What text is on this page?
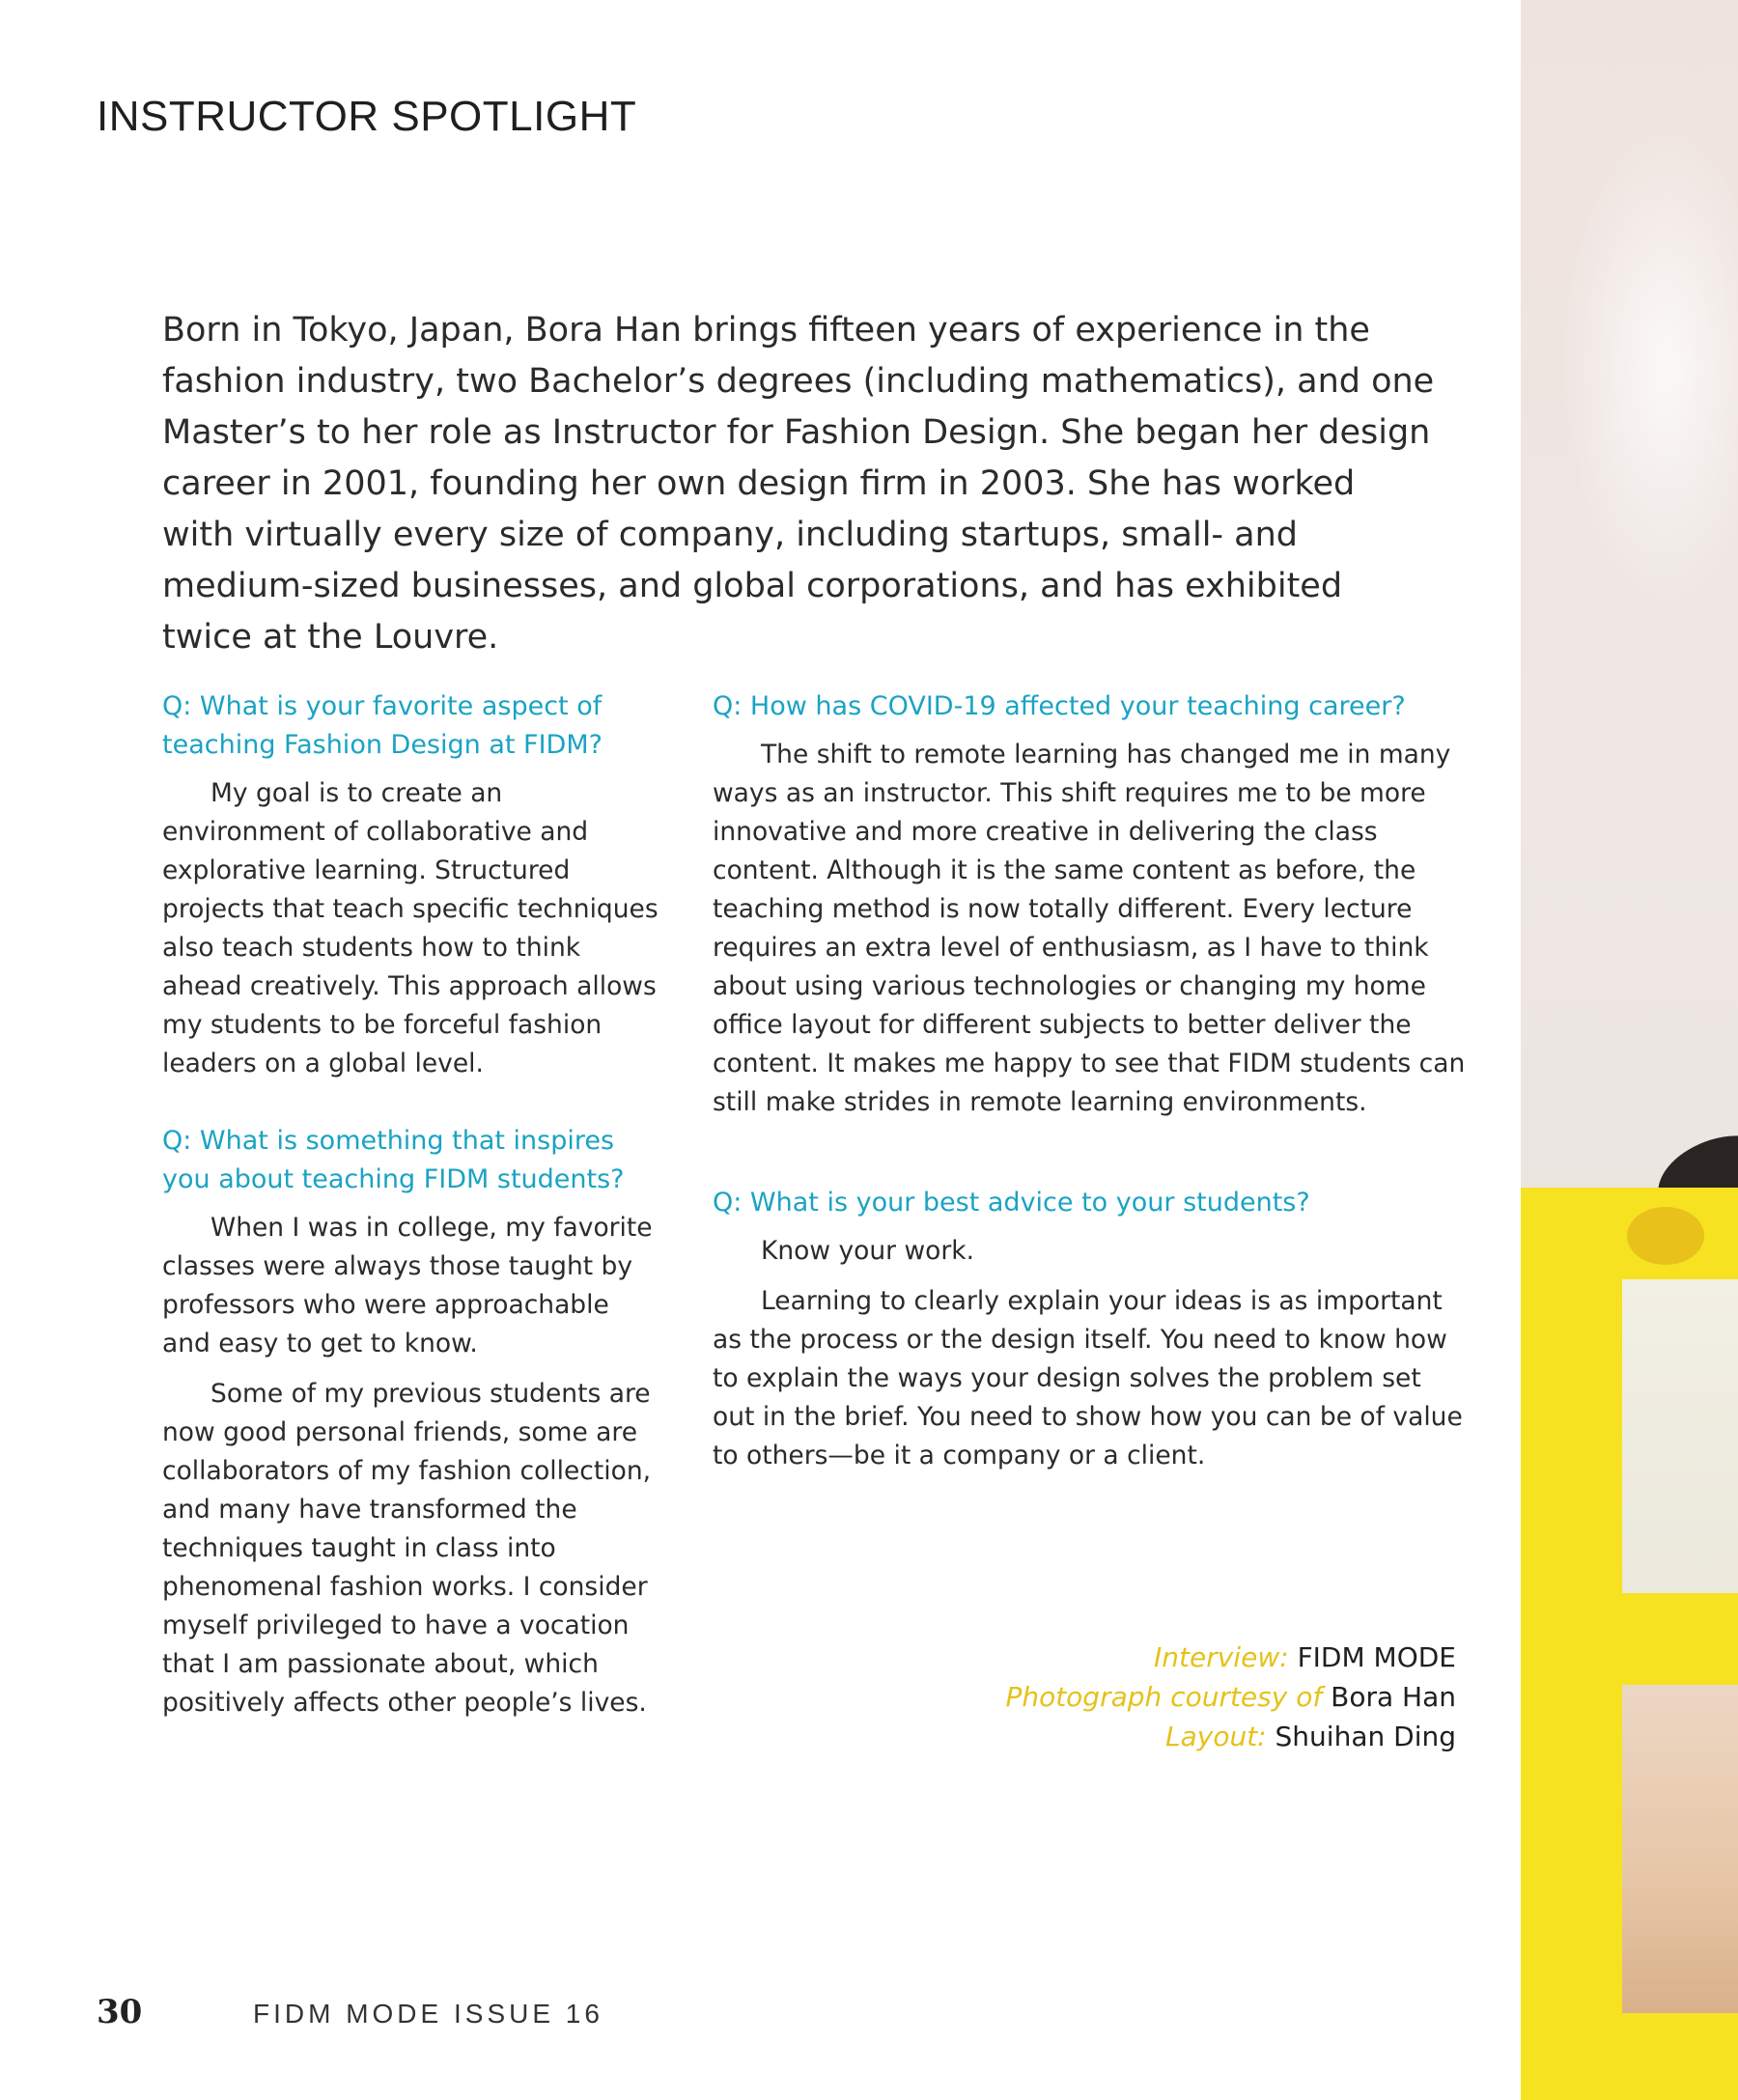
INSTRUCTOR SPOTLIGHT

Born in Tokyo, Japan, Bora Han brings fifteen years of experience in the fashion industry, two Bachelor’s degrees (including mathematics), and one Master’s to her role as Instructor for Fashion Design. She began her design career in 2001, founding her own design firm in 2003. She has worked with virtually every size of company, including startups, small- and medium-sized businesses, and global corporations, and has exhibited twice at the Louvre.

Q: What is your favorite aspect of teaching Fashion Design at FIDM?

My goal is to create an environment of collaborative and explorative learning. Structured projects that teach specific techniques also teach students how to think ahead creatively. This approach allows my students to be forceful fashion leaders on a global level.

Q: What is something that inspires you about teaching FIDM students?

When I was in college, my favorite classes were always those taught by professors who were approachable and easy to get to know.

Some of my previous students are now good personal friends, some are collaborators of my fashion collection, and many have transformed the techniques taught in class into phenomenal fashion works. I consider myself privileged to have a vocation that I am passionate about, which positively affects other people’s lives.

Q: How has COVID-19 affected your teaching career?

The shift to remote learning has changed me in many ways as an instructor. This shift requires me to be more innovative and more creative in delivering the class content. Although it is the same content as before, the teaching method is now totally different. Every lecture requires an extra level of enthusiasm, as I have to think about using various technologies or changing my home office layout for different subjects to better deliver the content. It makes me happy to see that FIDM students can still make strides in remote learning environments.

Q: What is your best advice to your students?

Know your work.

Learning to clearly explain your ideas is as important as the process or the design itself. You need to know how to explain the ways your design solves the problem set out in the brief. You need to show how you can be of value to others—be it a company or a client.

Interview: FIDM MODE
Photograph courtesy of Bora Han
Layout: Shuihan Ding
30	FIDM MODE ISSUE 16
